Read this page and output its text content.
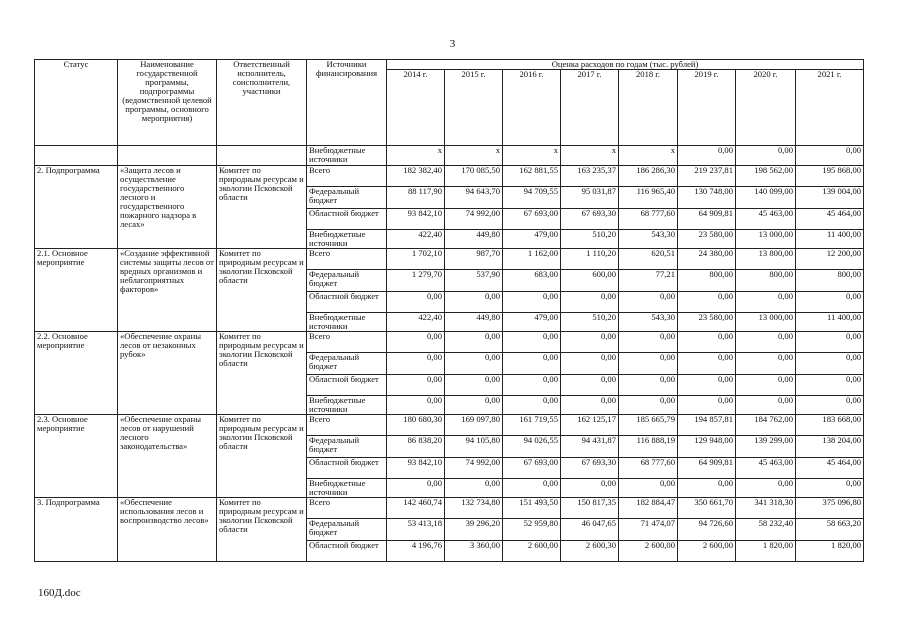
3
Статус	Наименование государственной программы, подпрограммы (ведомственной целевой программы, основного мероприятия)	Ответственный исполнитель, соисполнители, участники	Источники финансирования	Оценка расходов по годам (тыс. рублей)							
				2014 г.	2015 г.	2016 г.	2017 г.	2018 г.	2019 г.	2020 г.	2021 г.
			Внебюджетные источники	x	x	x	x	x	0,00	0,00	0,00
2. Подпрограмма	«Защита лесов и осуществление государственного лесного и государственного пожарного надзора в лесах»	Комитет по природным ресурсам и экологии Псковской области	Всего	182 382,40	170 085,50	162 881,55	163 235,37	186 286,30	219 237,81	198 562,00	195 868,00
			Федеральный бюджет	88 117,90	94 643,70	94 709,55	95 031,87	116 965,40	130 748,00	140 099,00	139 004,00
			Областной бюджет	93 842,10	74 992,00	67 693,00	67 693,30	68 777,60	64 909,81	45 463,00	45 464,00
			Внебюджетные источники	422,40	449,80	479,00	510,20	543,30	23 580,00	13 000,00	11 400,00
2.1. Основное мероприятие	«Создание эффективной системы защиты лесов от вредных организмов и неблагоприятных факторов»	Комитет по природным ресурсам и экологии Псковской области	Всего	1 702,10	987,70	1 162,00	1 110,20	620,51	24 380,00	13 800,00	12 200,00
			Федеральный бюджет	1 279,70	537,90	683,00	600,00	77,21	800,00	800,00	800,00
			Областной бюджет	0,00	0,00	0,00	0,00	0,00	0,00	0,00	0,00
			Внебюджетные источники	422,40	449,80	479,00	510,20	543,30	23 580,00	13 000,00	11 400,00
2.2. Основное мероприятие	«Обеспечение охраны лесов от незаконных рубок»	Комитет по природным ресурсам и экологии Псковской области	Всего	0,00	0,00	0,00	0,00	0,00	0,00	0,00	0,00
			Федеральный бюджет	0,00	0,00	0,00	0,00	0,00	0,00	0,00	0,00
			Областной бюджет	0,00	0,00	0,00	0,00	0,00	0,00	0,00	0,00
			Внебюджетные источники	0,00	0,00	0,00	0,00	0,00	0,00	0,00	0,00
2.3. Основное мероприятие	«Обеспечение охраны лесов от нарушений лесного законодательства»	Комитет по природным ресурсам и экологии Псковской области	Всего	180 680,30	169 097,80	161 719,55	162 125,17	185 665,79	194 857,81	184 762,00	183 668,00
			Федеральный бюджет	86 838,20	94 105,80	94 026,55	94 431,87	116 888,19	129 948,00	139 299,00	138 204,00
			Областной бюджет	93 842,10	74 992,00	67 693,00	67 693,30	68 777,60	64 909,81	45 463,00	45 464,00
			Внебюджетные источники	0,00	0,00	0,00	0,00	0,00	0,00	0,00	0,00
3. Подпрограмма	«Обеспечение использования лесов и воспроизводство лесов»	Комитет по природным ресурсам и экологии Псковской области	Всего	142 460,74	132 734,80	151 493,50	150 817,35	182 884,47	350 661,70	341 318,30	375 096,80
			Федеральный бюджет	53 413,18	39 296,20	52 959,80	46 047,65	71 474,07	94 726,60	58 232,40	58 663,20
			Областной бюджет	4 196,76	3 360,00	2 600,00	2 600,30	2 600,00	2 600,00	1 820,00	1 820,00
160Д.doc
